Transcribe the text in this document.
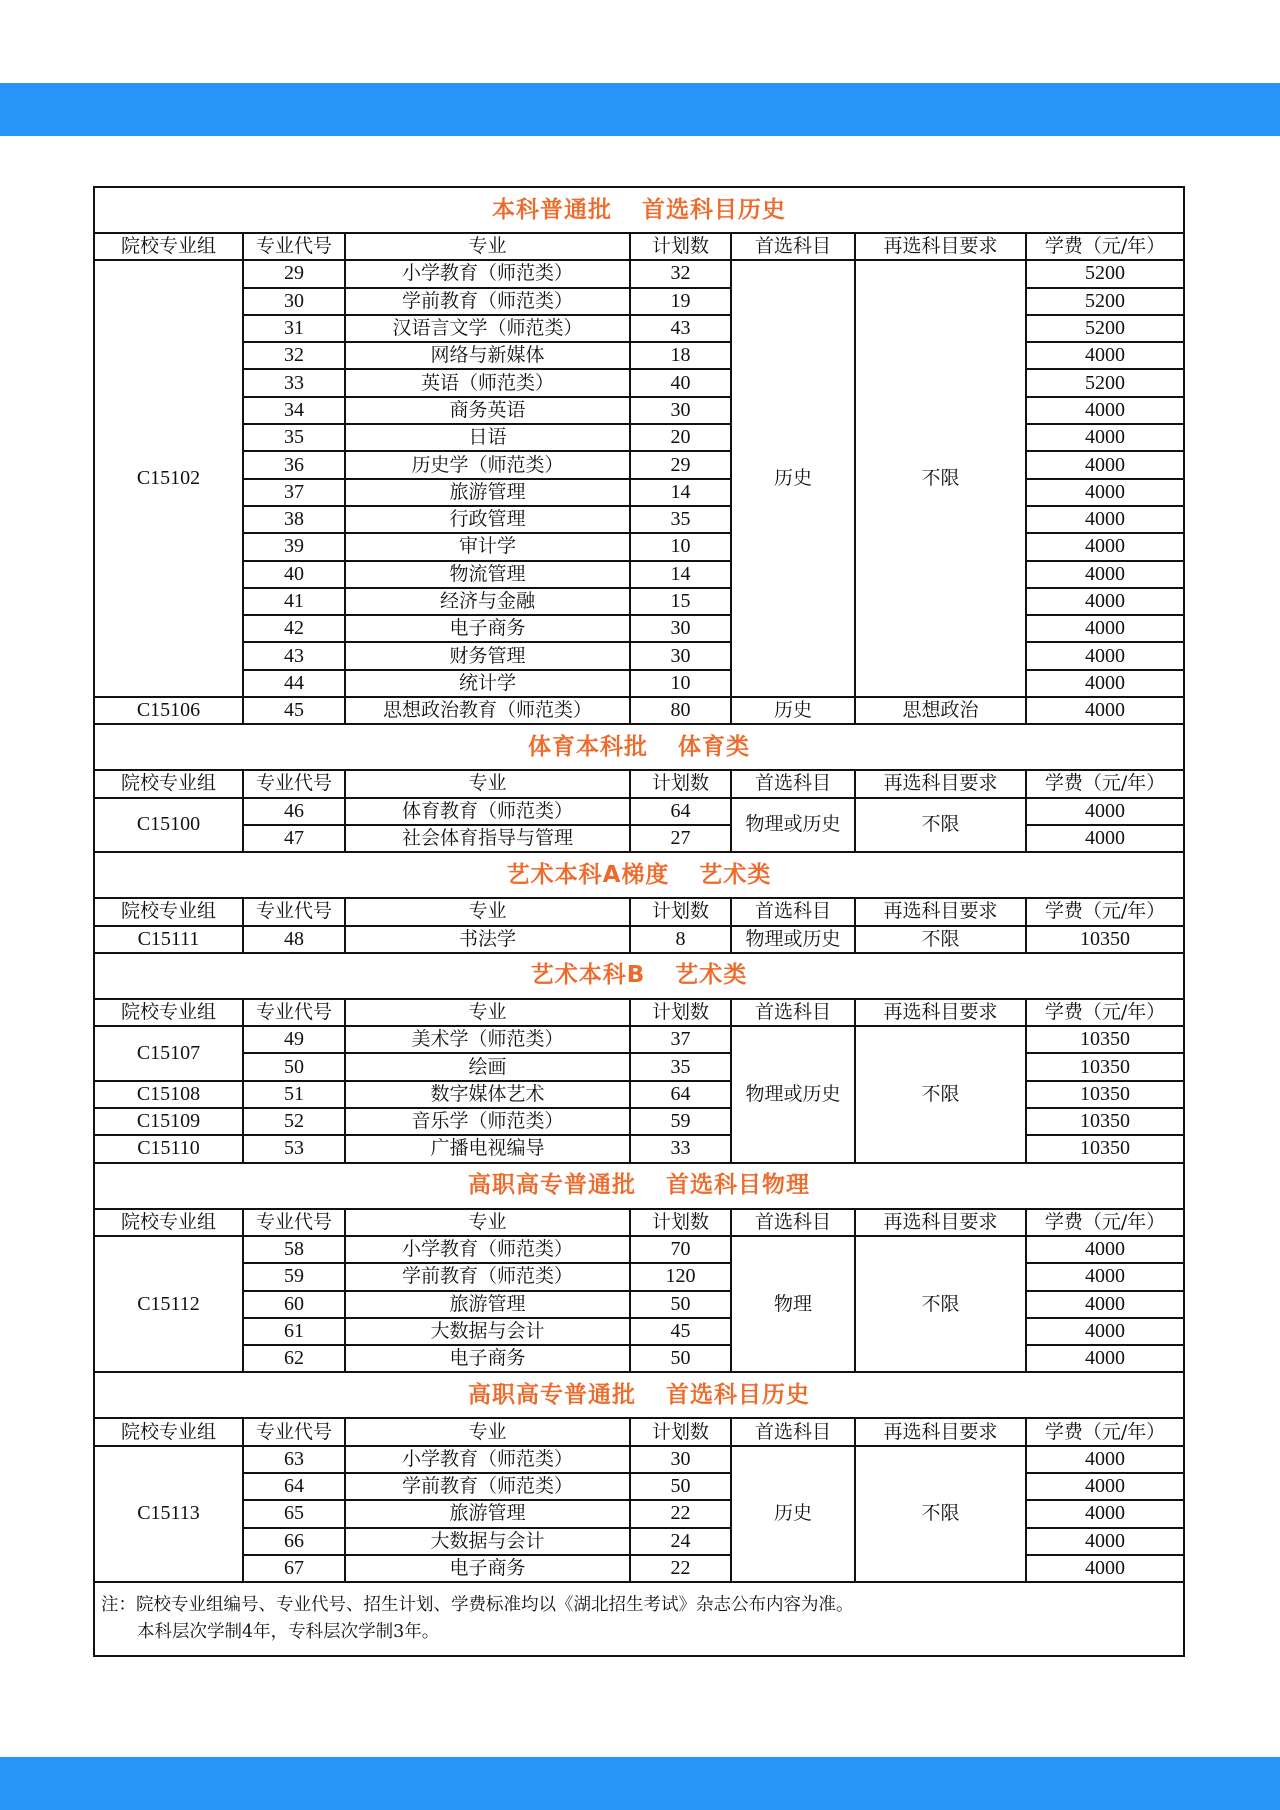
本科普通批 首选科目历史						
院校专业组	专业代号	专业	计划数	首选科目	再选科目要求	学费（元/年）
C15102	29	小学教育（师范类）	32	历史	不限	5200
	30	学前教育（师范类）	19			5200
	31	汉语言文学（师范类）	43			5200
	32	网络与新媒体	18			4000
	33	英语（师范类）	40			5200
	34	商务英语	30			4000
	35	日语	20			4000
	36	历史学（师范类）	29			4000
	37	旅游管理	14			4000
	38	行政管理	35			4000
	39	审计学	10			4000
	40	物流管理	14			4000
	41	经济与金融	15			4000
	42	电子商务	30			4000
	43	财务管理	30			4000
	44	统计学	10			4000
C15106	45	思想政治教育（师范类）	80	历史	思想政治	4000
体育本科批 体育类						
院校专业组	专业代号	专业	计划数	首选科目	再选科目要求	学费（元/年）
C15100	46	体育教育（师范类）	64	物理或历史	不限	4000
	47	社会体育指导与管理	27			4000
艺术本科A梯度 艺术类						
院校专业组	专业代号	专业	计划数	首选科目	再选科目要求	学费（元/年）
C15111	48	书法学	8	物理或历史	不限	10350
艺术本科B 艺术类						
院校专业组	专业代号	专业	计划数	首选科目	再选科目要求	学费（元/年）
C15107	49	美术学（师范类）	37	物理或历史	不限	10350
	50	绘画	35			10350
C15108	51	数字媒体艺术	64			10350
C15109	52	音乐学（师范类）	59			10350
C15110	53	广播电视编导	33			10350
高职高专普通批 首选科目物理						
院校专业组	专业代号	专业	计划数	首选科目	再选科目要求	学费（元/年）
C15112	58	小学教育（师范类）	70	物理	不限	4000
	59	学前教育（师范类）	120			4000
	60	旅游管理	50			4000
	61	大数据与会计	45			4000
	62	电子商务	50			4000
高职高专普通批 首选科目历史						
院校专业组	专业代号	专业	计划数	首选科目	再选科目要求	学费（元/年）
C15113	63	小学教育（师范类）	30	历史	不限	4000
	64	学前教育（师范类）	50			4000
	65	旅游管理	22			4000
	66	大数据与会计	24			4000
	67	电子商务	22			4000

注：院校专业组编号、专业代号、招生计划、学费标准均以《湖北招生考试》杂志公布内容为准。
本科层次学制4年，专科层次学制3年。						
